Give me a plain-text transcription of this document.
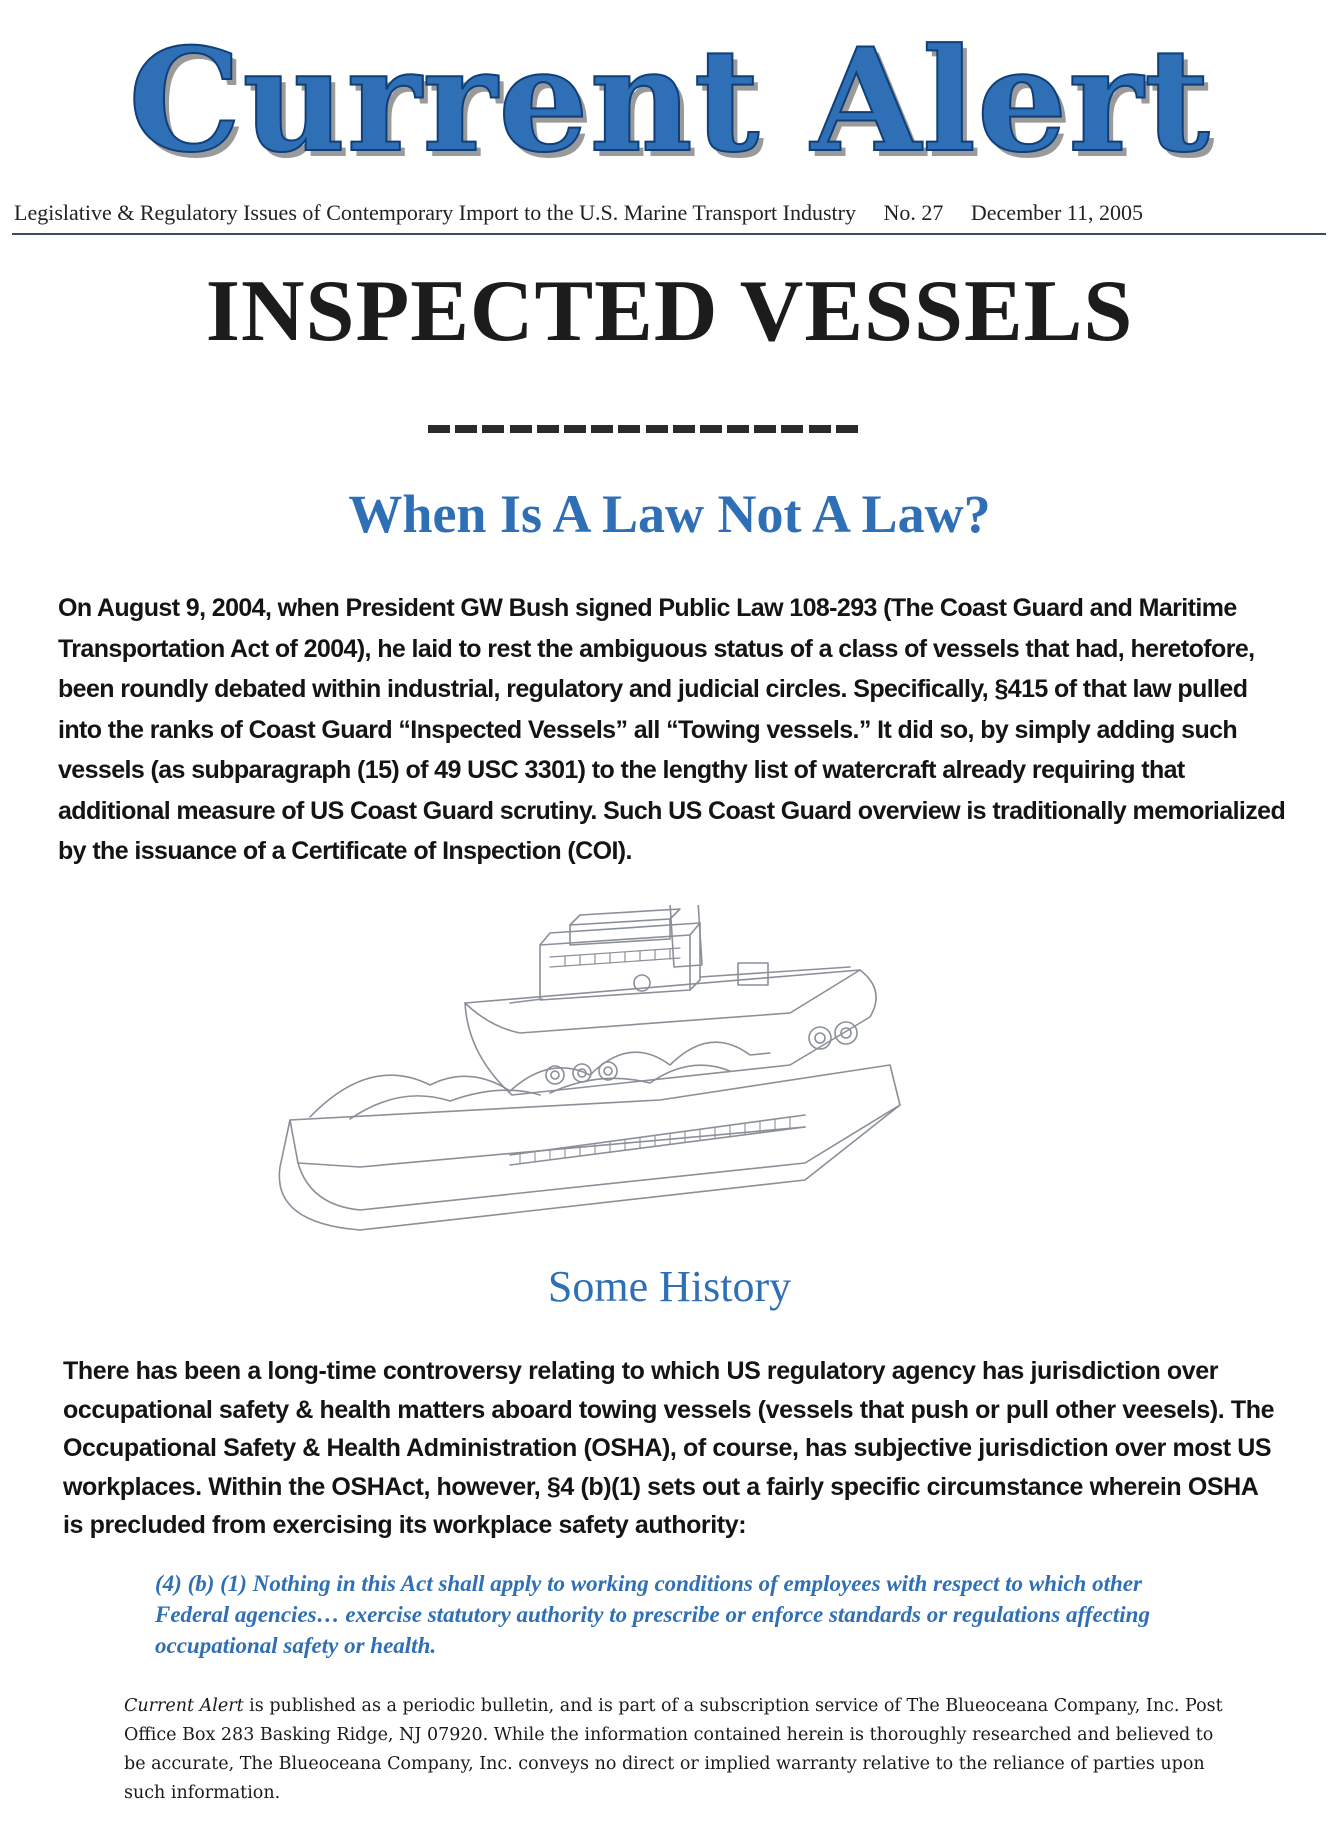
Current Alert
Legislative & Regulatory Issues of Contemporary Import to the U.S. Marine Transport Industry No. 27 December 11, 2005
INSPECTED VESSELS
When Is A Law Not A Law?

On August 9, 2004, when President GW Bush signed Public Law 108-293 (The Coast Guard and Maritime Transportation Act of 2004), he laid to rest the ambiguous status of a class of vessels that had, heretofore, been roundly debated within industrial, regulatory and judicial circles. Specifically, §415 of that law pulled into the ranks of Coast Guard “Inspected Vessels” all “Towing vessels.” It did so, by simply adding such vessels (as subparagraph (15) of 49 USC 3301) to the lengthy list of watercraft already requiring that additional measure of US Coast Guard scrutiny. Such US Coast Guard overview is traditionally memorialized by the issuance of a Certificate of Inspection (COI).

Some History

There has been a long-time controversy relating to which US regulatory agency has jurisdiction over occupational safety & health matters aboard towing vessels (vessels that push or pull other veesels). The Occupational Safety & Health Administration (OSHA), of course, has subjective jurisdiction over most US workplaces. Within the OSHAct, however, §4 (b)(1) sets out a fairly specific circumstance wherein OSHA is precluded from exercising its workplace safety authority:

(4) (b) (1) Nothing in this Act shall apply to working conditions of employees with respect to which other Federal agencies… exercise statutory authority to prescribe or enforce standards or regulations affecting occupational safety or health.
Current Alert is published as a periodic bulletin, and is part of a subscription service of The Blueoceana Company, Inc. Post Office Box 283 Basking Ridge, NJ 07920. While the information contained herein is thoroughly researched and believed to be accurate, The Blueoceana Company, Inc. conveys no direct or implied warranty relative to the reliance of parties upon such information.
